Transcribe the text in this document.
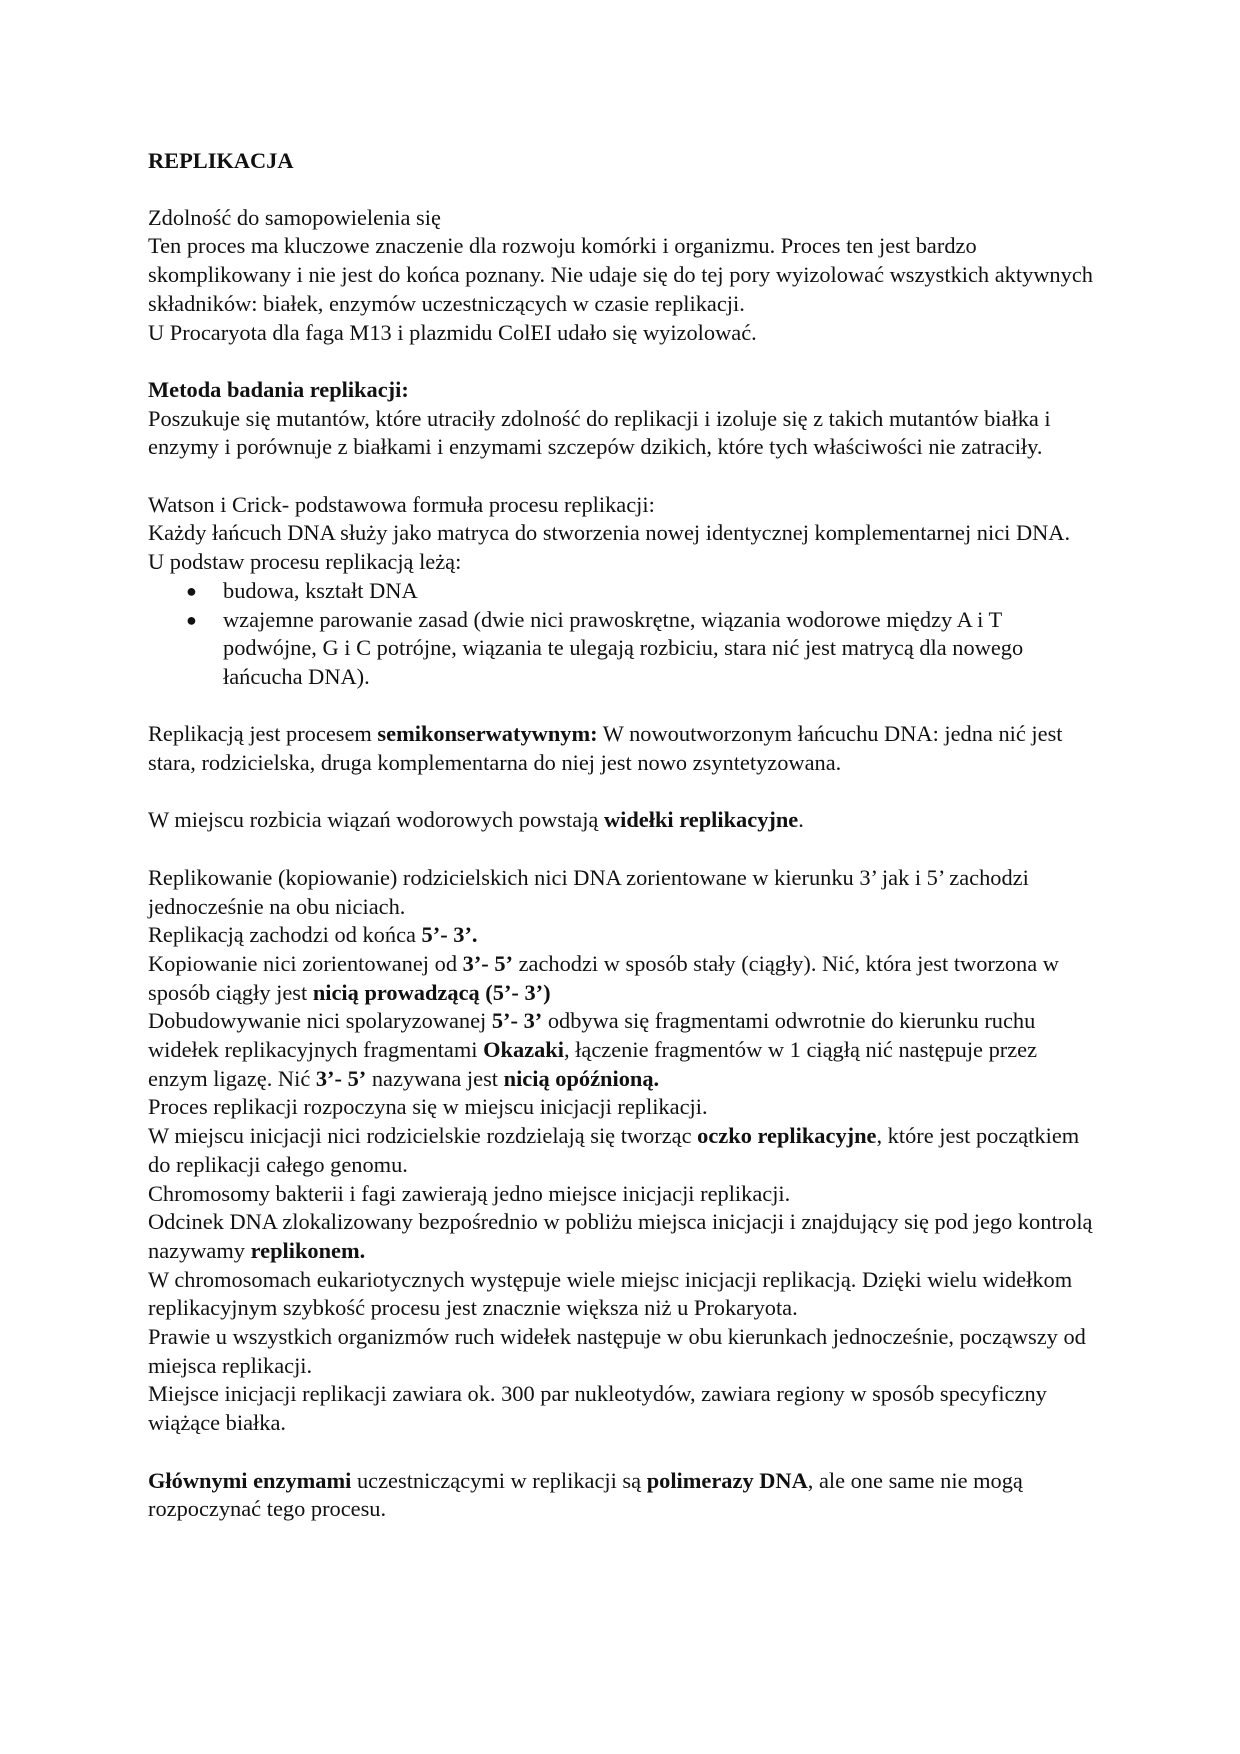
REPLIKACJA

Zdolność do samopowielenia się

Ten proces ma kluczowe znaczenie dla rozwoju komórki i organizmu. Proces ten jest bardzo skomplikowany i nie jest do końca poznany. Nie udaje się do tej pory wyizolować wszystkich aktywnych składników: białek, enzymów uczestniczących w czasie replikacji.

U Procaryota dla faga M13 i plazmidu ColEI udało się wyizolować.

Metoda badania replikacji:

Poszukuje się mutantów, które utraciły zdolność do replikacji i izoluje się z takich mutantów białka i enzymy i porównuje z białkami i enzymami szczepów dzikich, które tych właściwości nie zatraciły.

Watson i Crick- podstawowa formuła procesu replikacji:

Każdy łańcuch DNA służy jako matryca do stworzenia nowej identycznej komplementarnej nici DNA.

U podstaw procesu replikacją leżą:

● budowa, kształt DNA
● wzajemne parowanie zasad (dwie nici prawoskrętne, wiązania wodorowe między A i T podwójne, G i C potrójne, wiązania te ulegają rozbiciu, stara nić jest matrycą dla nowego łańcucha DNA).

Replikacją jest procesem semikonserwatywnym: W nowoutworzonym łańcuchu DNA: jedna nić jest stara, rodzicielska, druga komplementarna do niej jest nowo zsyntetyzowana.

W miejscu rozbicia wiązań wodorowych powstają widełki replikacyjne.

Replikowanie (kopiowanie) rodzicielskich nici DNA zorientowane w kierunku 3’ jak i 5’ zachodzi jednocześnie na obu niciach.

Replikacją zachodzi od końca 5’- 3’.

Kopiowanie nici zorientowanej od 3’- 5’ zachodzi w sposób stały (ciągły). Nić, która jest tworzona w sposób ciągły jest nicią prowadzącą (5’- 3’)

Dobudowywanie nici spolaryzowanej 5’- 3’ odbywa się fragmentami odwrotnie do kierunku ruchu widełek replikacyjnych fragmentami Okazaki, łączenie fragmentów w 1 ciągłą nić następuje przez enzym ligazę. Nić 3’- 5’ nazywana jest nicią opóźnioną.

Proces replikacji rozpoczyna się w miejscu inicjacji replikacji.

W miejscu inicjacji nici rodzicielskie rozdzielają się tworząc oczko replikacyjne, które jest początkiem do replikacji całego genomu.

Chromosomy bakterii i fagi zawierają jedno miejsce inicjacji replikacji.

Odcinek DNA zlokalizowany bezpośrednio w pobliżu miejsca inicjacji i znajdujący się pod jego kontrolą nazywamy replikonem.

W chromosomach eukariotycznych występuje wiele miejsc inicjacji replikacją. Dzięki wielu widełkom replikacyjnym szybkość procesu jest znacznie większa niż u Prokaryota.

Prawie u wszystkich organizmów ruch widełek następuje w obu kierunkach jednocześnie, począwszy od miejsca replikacji.

Miejsce inicjacji replikacji zawiara ok. 300 par nukleotydów, zawiara regiony w sposób specyficzny wiążące białka.

Głównymi enzymami uczestniczącymi w replikacji są polimerazy DNA, ale one same nie mogą rozpoczynać tego procesu.
